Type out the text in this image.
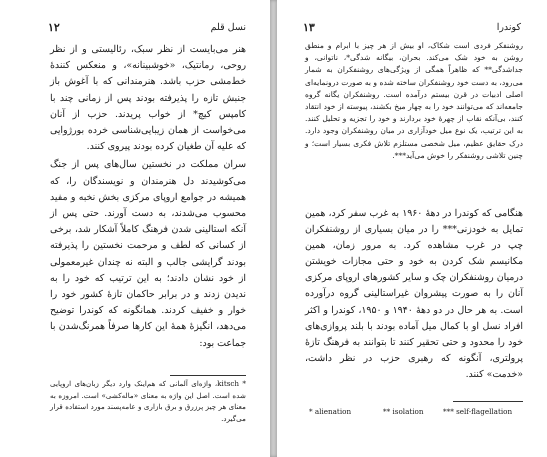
نسل قلم
۱۲

هنر می‌بایست از نظر سبک، رئالیستی و از نظر روحی، رمانتیک، «خوشبینانه»، و منعکس کنندهٔ خط‌مشی حزب باشد. هنرمندانی که با آغوش باز جنبش تازه را پذیرفته بودند پس از زمانی چند با کامپس کیچ* از خواب پریدند. حزب از آنان می‌خواست از همان زیبایی‌شناسی خرده بورژوایی که علیه آن طغیان کرده بودند پیروی کنند.

سران مملکت در نخستین سال‌های پس از جنگ می‌کوشیدند دل هنرمندان و نویسندگان را، که همیشه در جوامع اروپای مرکزی بخش نخبه و مفید محسوب می‌شدند، به دست آورند. حتی پس از آنکه استالینی شدن فرهنگ کاملاً آشکار شد، برخی از کسانی که لطف و مرحمت نخستین را پذیرفته بودند گرایشی جالب و البته نه چندان غیرمعمولی از خود نشان دادند؛ به این ترتیب که خود را به ندیدن زدند و در برابر حاکمان تازهٔ کشور خود را خوار و خفیف کردند. همانگونه که کوندرا توضیح می‌دهد، انگیزهٔ همهٔ این کارها صرفاً همرنگ‌شدن با جماعت بود:

* kitsch، واژه‌ای آلمانی که هم‌اینک وارد دیگر زبان‌های اروپایی شده است. اصل این واژه به معنای «ماله‌کشی» است. امروزه به معنای هر چیز پرزرق و برق بازاری و عامه‌پسند مورد استفاده قرار می‌گیرد.
کوندرا
۱۳

روشنفکر فردی است شکاک، او بیش از هر چیز با ابرام و منطق روشن به خود شک می‌کند. بحران، بیگانه شدگی*، ناتوانی، و جداشدگی** که ظاهراً همگی از ویژگی‌های روشنفکران به شمار می‌رود، به دست خود روشنفکران ساخته شده و به صورت درونمایه‌ای اصلی ادبیات در قرن بیستم درآمده است. روشنفکران یگانه گروه جامعه‌اند که می‌توانند خود را به چهار میخ بکشند، پیوسته از خود انتقاد کنند، بی‌آنکه نقاب از چهرهٔ خود بردارند و خود را تجزیه و تحلیل کنند. به این ترتیب، یک نوع میل خودآزاری در میان روشنفکران وجود دارد. درک حقایق عظیم، میل شخصی مستلزم تلاش فکری بسیار است؛ و چنین تلاشی روشنفکر را خوش می‌آید***.

هنگامی که کوندرا در دههٔ ۱۹۶۰ به غرب سفر کرد، همین تمایل به خودزنی*** را در میان بسیاری از روشنفکران چپ در غرب مشاهده کرد. به مرور زمان، همین مکانیسم شک کردن به خود و حتی مجازات خویشتن درمیان روشنفکران چک و سایر کشورهای اروپای مرکزی آنان را به صورت پیشروان غیراستالینی گروه درآورده است. به هر حال در دو دههٔ ۱۹۴۰ و ۱۹۵۰، کوندرا و اکثر افراد نسل او با کمال میل آماده بودند با بلند پروازی‌های خود را محدود و حتی تحقیر کنند تا بتوانند به فرهنگ تازهٔ پرولتری، آنگونه که رهبری حزب در نظر داشت، «خدمت» کنند.

* alienation	** isolation	*** self-flagellation
